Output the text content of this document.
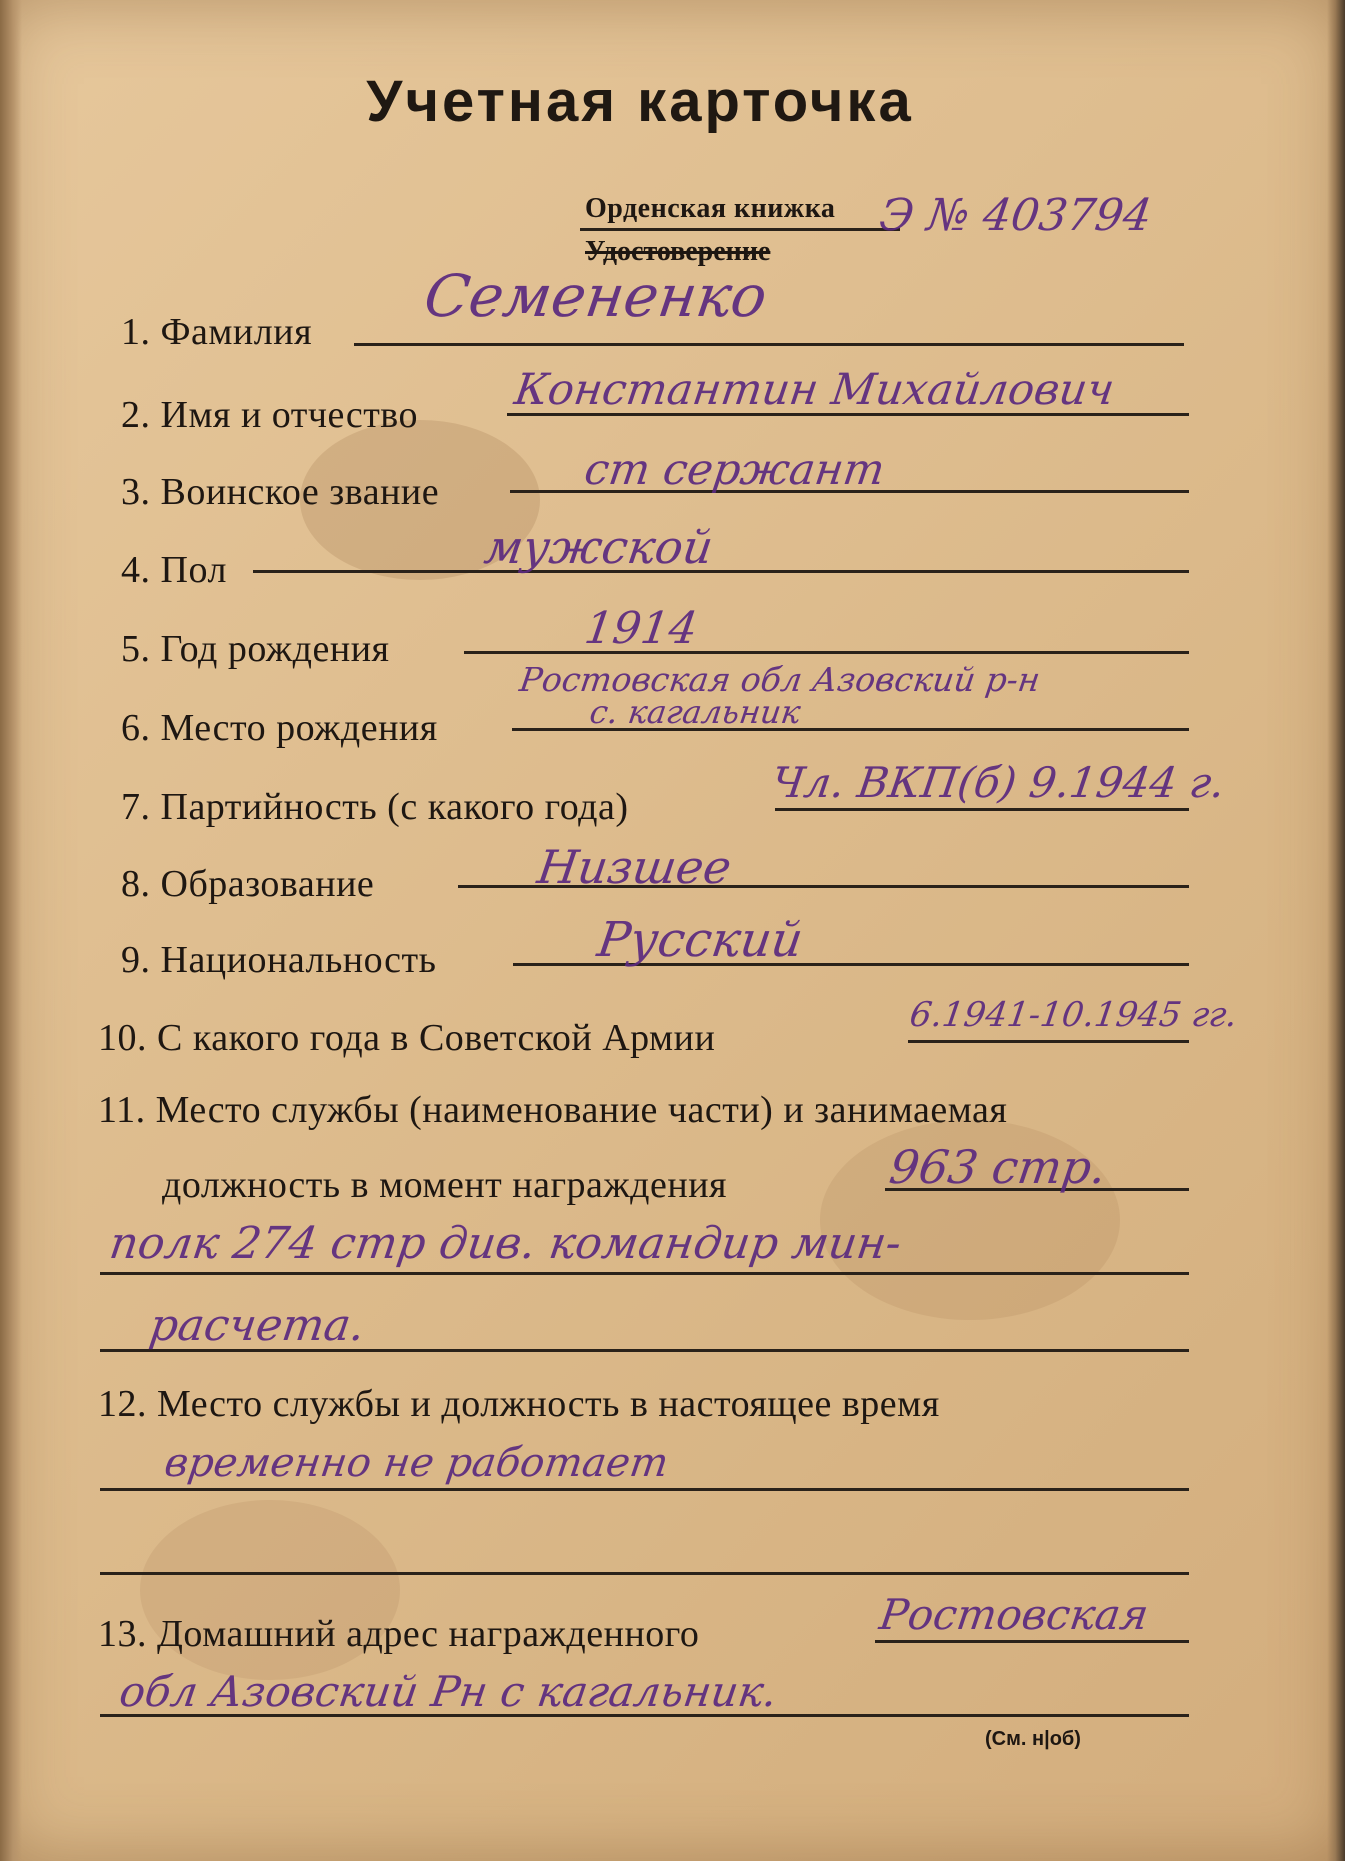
Учетная карточка
Орденская книжка
Удостоверение
Э № 403794
1. Фамилия
Семененко
2. Имя и отчество Константин Михайлович
3. Воинское звание	ст сержант
4. Пол	мужской
5. Год рождения	1914
Ростовская обл Азовский р-н
6. Место рождения	с. кагальник
7. Партийность (с какого года)	Чл. ВКП(б) 9.1944 г.
8. Образование	Низшее
9. Национальность	Русский
10. С какого года в Советской Армии
6.1941-10.1945 гг.
11. Место службы (наименование части) и занимаемая
должность в момент награждения	963 стр.
полк 274 стр див. командир мин-
расчета.
12. Место службы и должность в настоящее время
временно не работает
13. Домашний адрес награжденного	Ростовская
обл Азовский Рн с кагальник.
(См. н|об)
